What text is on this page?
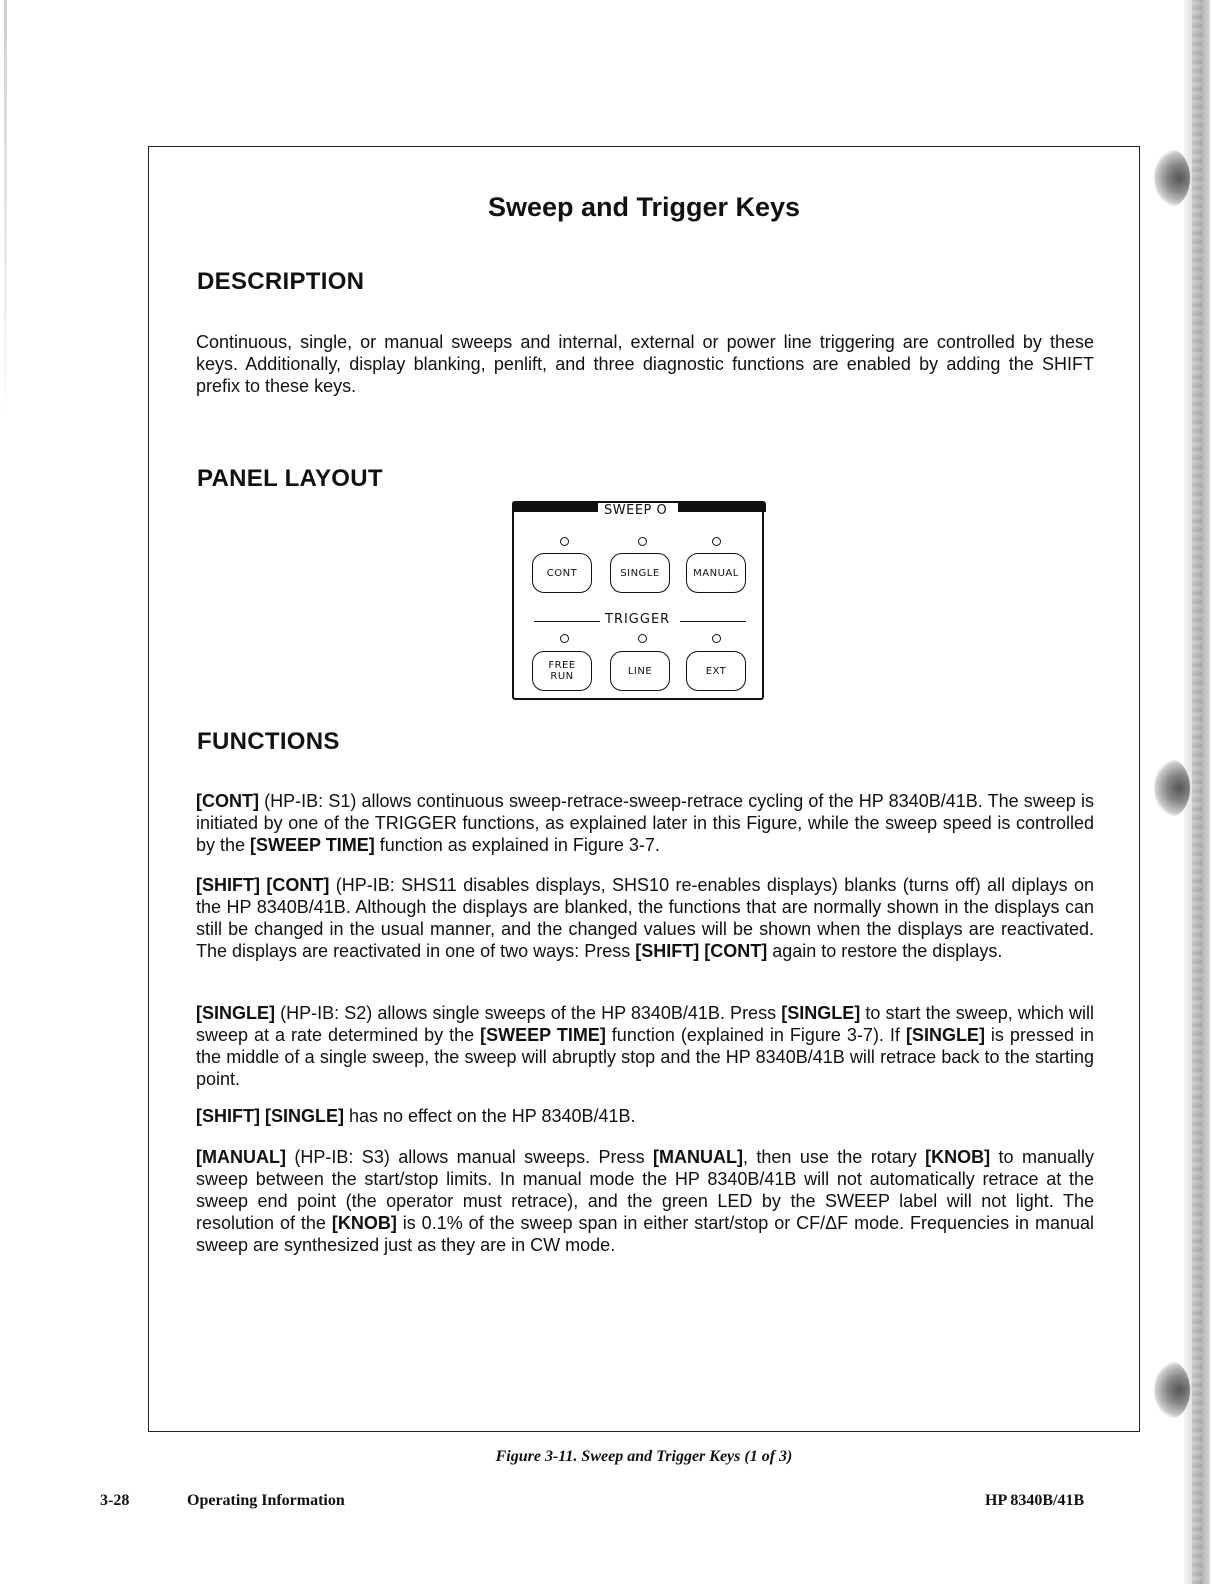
Sweep and Trigger Keys
DESCRIPTION

Continuous, single, or manual sweeps and internal, external or power line triggering are controlled by these keys. Additionally, display blanking, penlift, and three diagnostic functions are enabled by adding the SHIFT prefix to these keys.

PANEL LAYOUT
SWEEP O
CONT	SINGLE	MANUAL
TRIGGER
FREE
RUN	LINE	EXT
FUNCTIONS

[CONT] (HP-IB: S1) allows continuous sweep-retrace-sweep-retrace cycling of the HP 8340B/41B. The sweep is initiated by one of the TRIGGER functions, as explained later in this Figure, while the sweep speed is controlled by the [SWEEP TIME] function as explained in Figure 3-7.

[SHIFT] [CONT] (HP-IB: SHS11 disables displays, SHS10 re-enables displays) blanks (turns off) all diplays on the HP 8340B/41B. Although the displays are blanked, the functions that are normally shown in the displays can still be changed in the usual manner, and the changed values will be shown when the displays are reactivated. The displays are reactivated in one of two ways: Press [SHIFT] [CONT] again to restore the displays.

[SINGLE] (HP-IB: S2) allows single sweeps of the HP 8340B/41B. Press [SINGLE] to start the sweep, which will sweep at a rate determined by the [SWEEP TIME] function (explained in Figure 3-7). If [SINGLE] is pressed in the middle of a single sweep, the sweep will abruptly stop and the HP 8340B/41B will retrace back to the starting point.

[SHIFT] [SINGLE] has no effect on the HP 8340B/41B.

[MANUAL] (HP-IB: S3) allows manual sweeps. Press [MANUAL], then use the rotary [KNOB] to manually sweep between the start/stop limits. In manual mode the HP 8340B/41B will not automatically retrace at the sweep end point (the operator must retrace), and the green LED by the SWEEP label will not light. The resolution of the [KNOB] is 0.1% of the sweep span in either start/stop or CF/ΔF mode. Frequencies in manual sweep are synthesized just as they are in CW mode.

Figure 3-11. Sweep and Trigger Keys (1 of 3)

3-28	Operating Information	HP 8340B/41B
